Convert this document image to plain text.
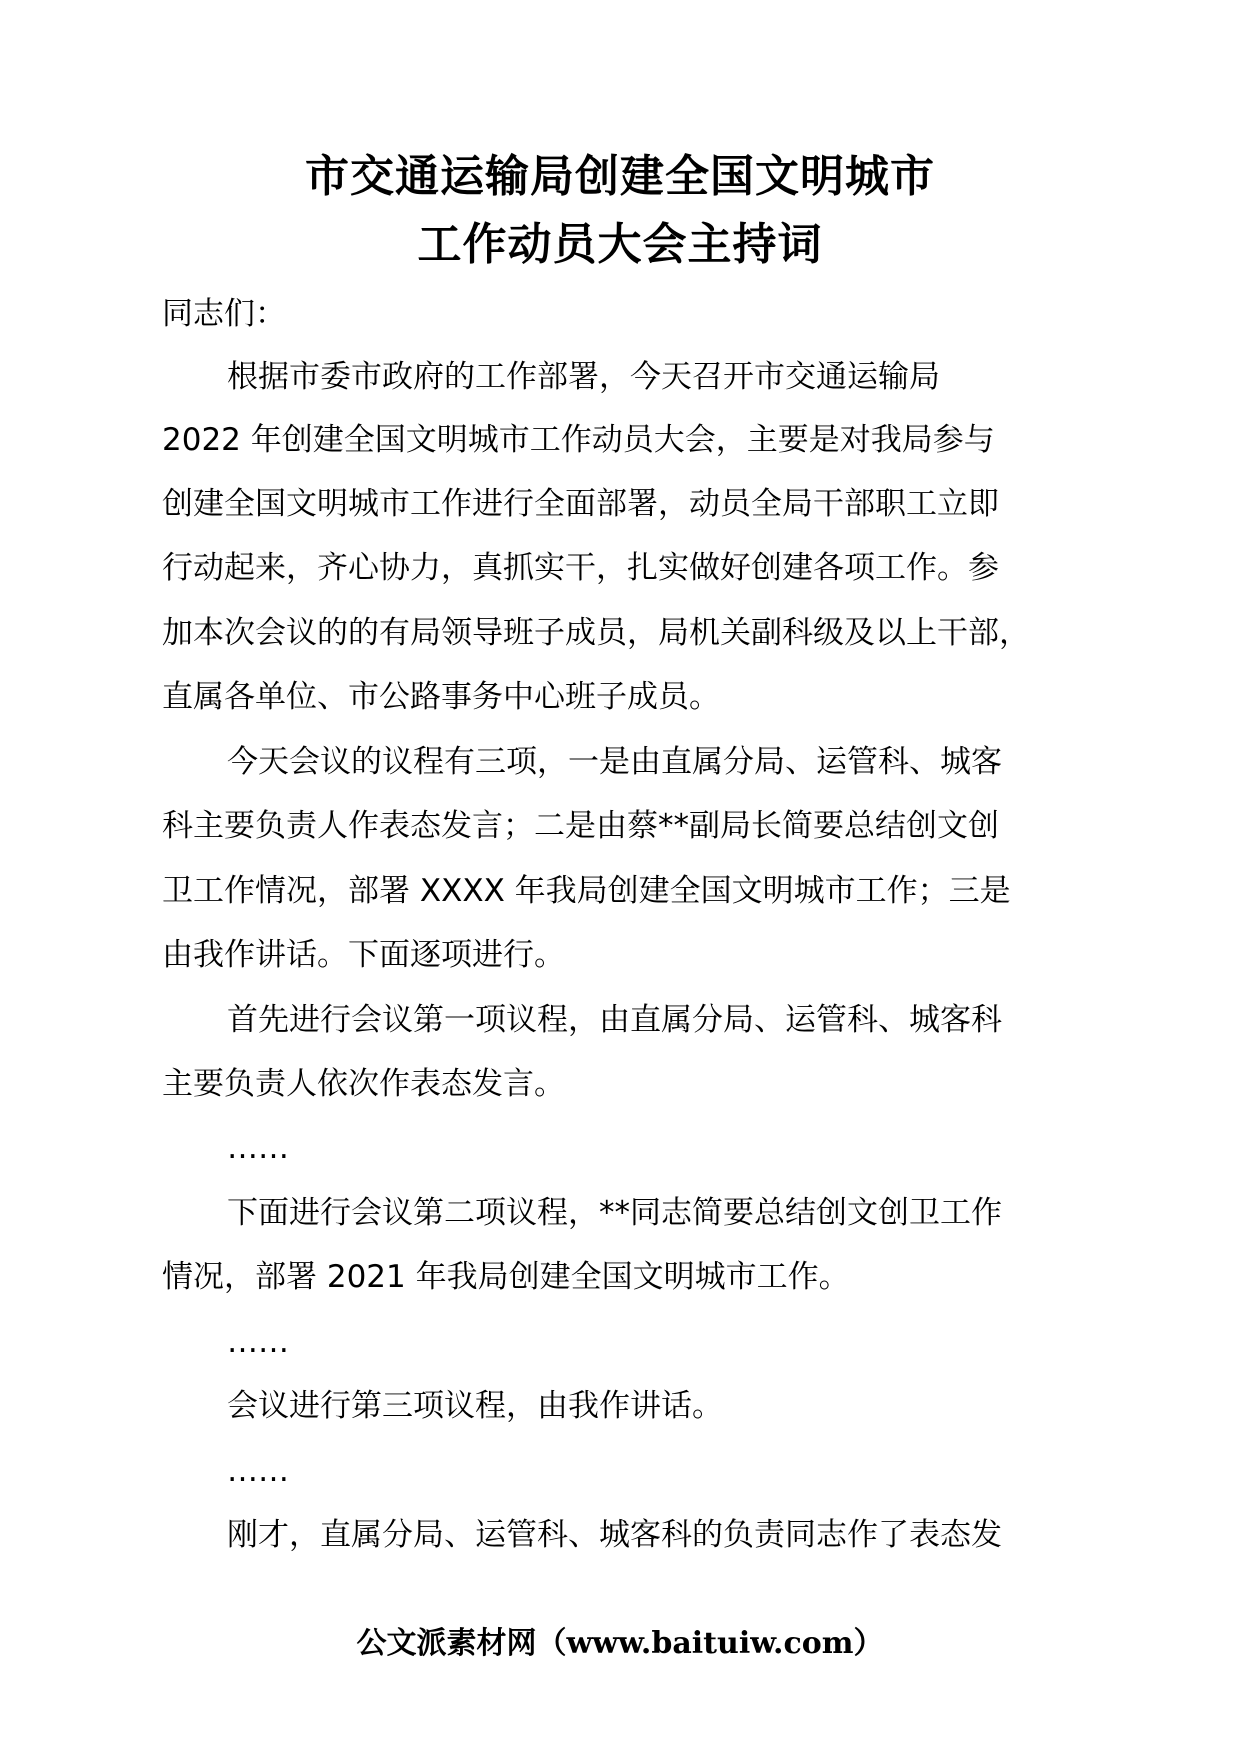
市交通运输局创建全国文明城市
工作动员大会主持词

同志们：

根据市委市政府的工作部署，今天召开市交通运输局

2022 年创建全国文明城市工作动员大会，主要是对我局参与

创建全国文明城市工作进行全面部署，动员全局干部职工立即

行动起来，齐心协力，真抓实干，扎实做好创建各项工作。参

加本次会议的的有局领导班子成员，局机关副科级及以上干部，

直属各单位、市公路事务中心班子成员。

今天会议的议程有三项，一是由直属分局、运管科、城客

科主要负责人作表态发言；二是由蔡**副局长简要总结创文创

卫工作情况，部署 XXXX 年我局创建全国文明城市工作；三是

由我作讲话。下面逐项进行。

首先进行会议第一项议程，由直属分局、运管科、城客科

主要负责人依次作表态发言。

……

下面进行会议第二项议程，**同志简要总结创文创卫工作

情况，部署 2021 年我局创建全国文明城市工作。

……

会议进行第三项议程，由我作讲话。

……

刚才，直属分局、运管科、城客科的负责同志作了表态发

公文派素材网（www.baituiw.com）
